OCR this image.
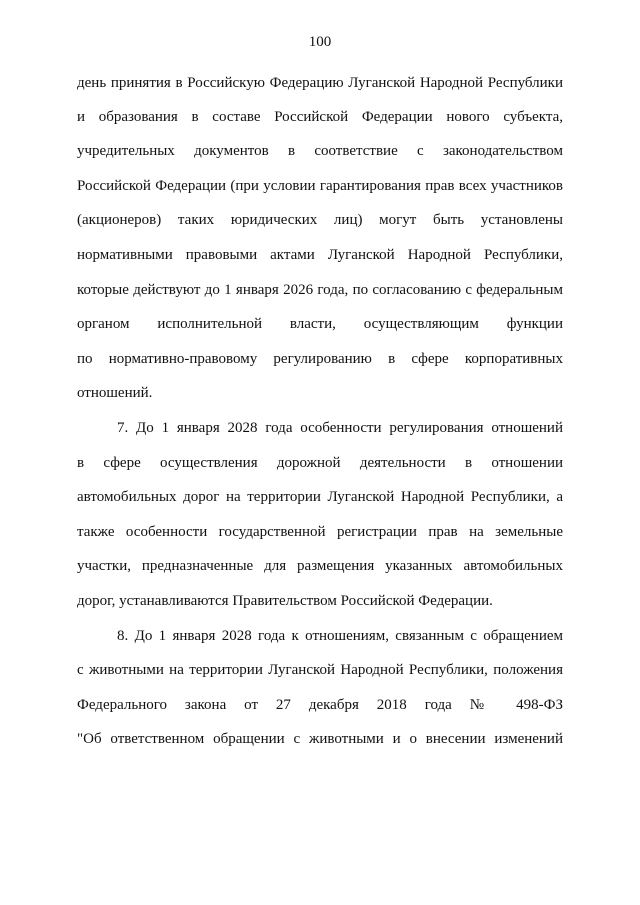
100
день принятия в Российскую Федерацию Луганской Народной Республики
и образования в составе Российской Федерации нового субъекта,
учредительных документов в соответствие с законодательством
Российской Федерации (при условии гарантирования прав всех участников
(акционеров) таких юридических лиц) могут быть установлены
нормативными правовыми актами Луганской Народной Республики,
которые действуют до 1 января 2026 года, по согласованию с федеральным
органом исполнительной власти, осуществляющим функции
по нормативно-правовому регулированию в сфере корпоративных
отношений.
7. До 1 января 2028 года особенности регулирования отношений
в сфере осуществления дорожной деятельности в отношении
автомобильных дорог на территории Луганской Народной Республики, а
также особенности государственной регистрации прав на земельные
участки, предназначенные для размещения указанных автомобильных
дорог, устанавливаются Правительством Российской Федерации.
8. До 1 января 2028 года к отношениям, связанным с обращением
с животными на территории Луганской Народной Республики, положения
Федерального закона от 27 декабря 2018 года № 498-ФЗ
"Об ответственном обращении с животными и о внесении изменений
